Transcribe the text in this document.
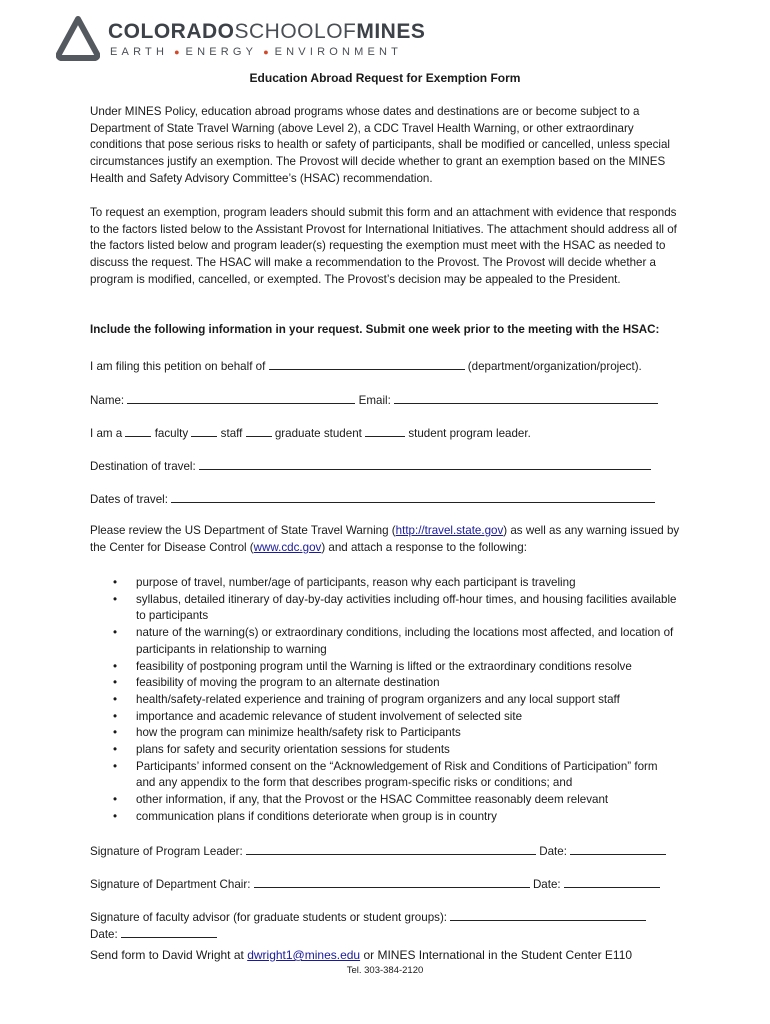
COLORADOSCHOOLOFMINES
EARTH ● ENERGY ● ENVIRONMENT
Education Abroad Request for Exemption Form
Under MINES Policy, education abroad programs whose dates and destinations are or become subject to a Department of State Travel Warning (above Level 2), a CDC Travel Health Warning, or other extraordinary conditions that pose serious risks to health or safety of participants, shall be modified or cancelled, unless special circumstances justify an exemption. The Provost will decide whether to grant an exemption based on the MINES Health and Safety Advisory Committee’s (HSAC) recommendation.
To request an exemption, program leaders should submit this form and an attachment with evidence that responds to the factors listed below to the Assistant Provost for International Initiatives. The attachment should address all of the factors listed below and program leader(s) requesting the exemption must meet with the HSAC as needed to discuss the request. The HSAC will make a recommendation to the Provost. The Provost will decide whether a program is modified, cancelled, or exempted. The Provost’s decision may be appealed to the President.
Include the following information in your request. Submit one week prior to the meeting with the HSAC:
I am filing this petition on behalf of	(department/organization/project).
Name:	Email:
I am a	faculty	staff	graduate student	student program leader.
Destination of travel:
Dates of travel:
Please review the US Department of State Travel Warning (http://travel.state.gov) as well as any warning issued by the Center for Disease Control (www.cdc.gov) and attach a response to the following:
• purpose of travel, number/age of participants, reason why each participant is traveling
• syllabus, detailed itinerary of day-by-day activities including off-hour times, and housing facilities available to participants
• nature of the warning(s) or extraordinary conditions, including the locations most affected, and location of participants in relationship to warning
• feasibility of postponing program until the Warning is lifted or the extraordinary conditions resolve
• feasibility of moving the program to an alternate destination
• health/safety-related experience and training of program organizers and any local support staff
• importance and academic relevance of student involvement of selected site
• how the program can minimize health/safety risk to Participants
• plans for safety and security orientation sessions for students
• Participants’ informed consent on the “Acknowledgement of Risk and Conditions of Participation” form and any appendix to the form that describes program-specific risks or conditions; and
• other information, if any, that the Provost or the HSAC Committee reasonably deem relevant
• communication plans if conditions deteriorate when group is in country
Signature of Program Leader:	Date:
Signature of Department Chair:	Date:
Signature of faculty advisor (for graduate students or student groups):
Date:
Send form to David Wright at dwright1@mines.edu or MINES International in the Student Center E110
Tel. 303-384-2120
